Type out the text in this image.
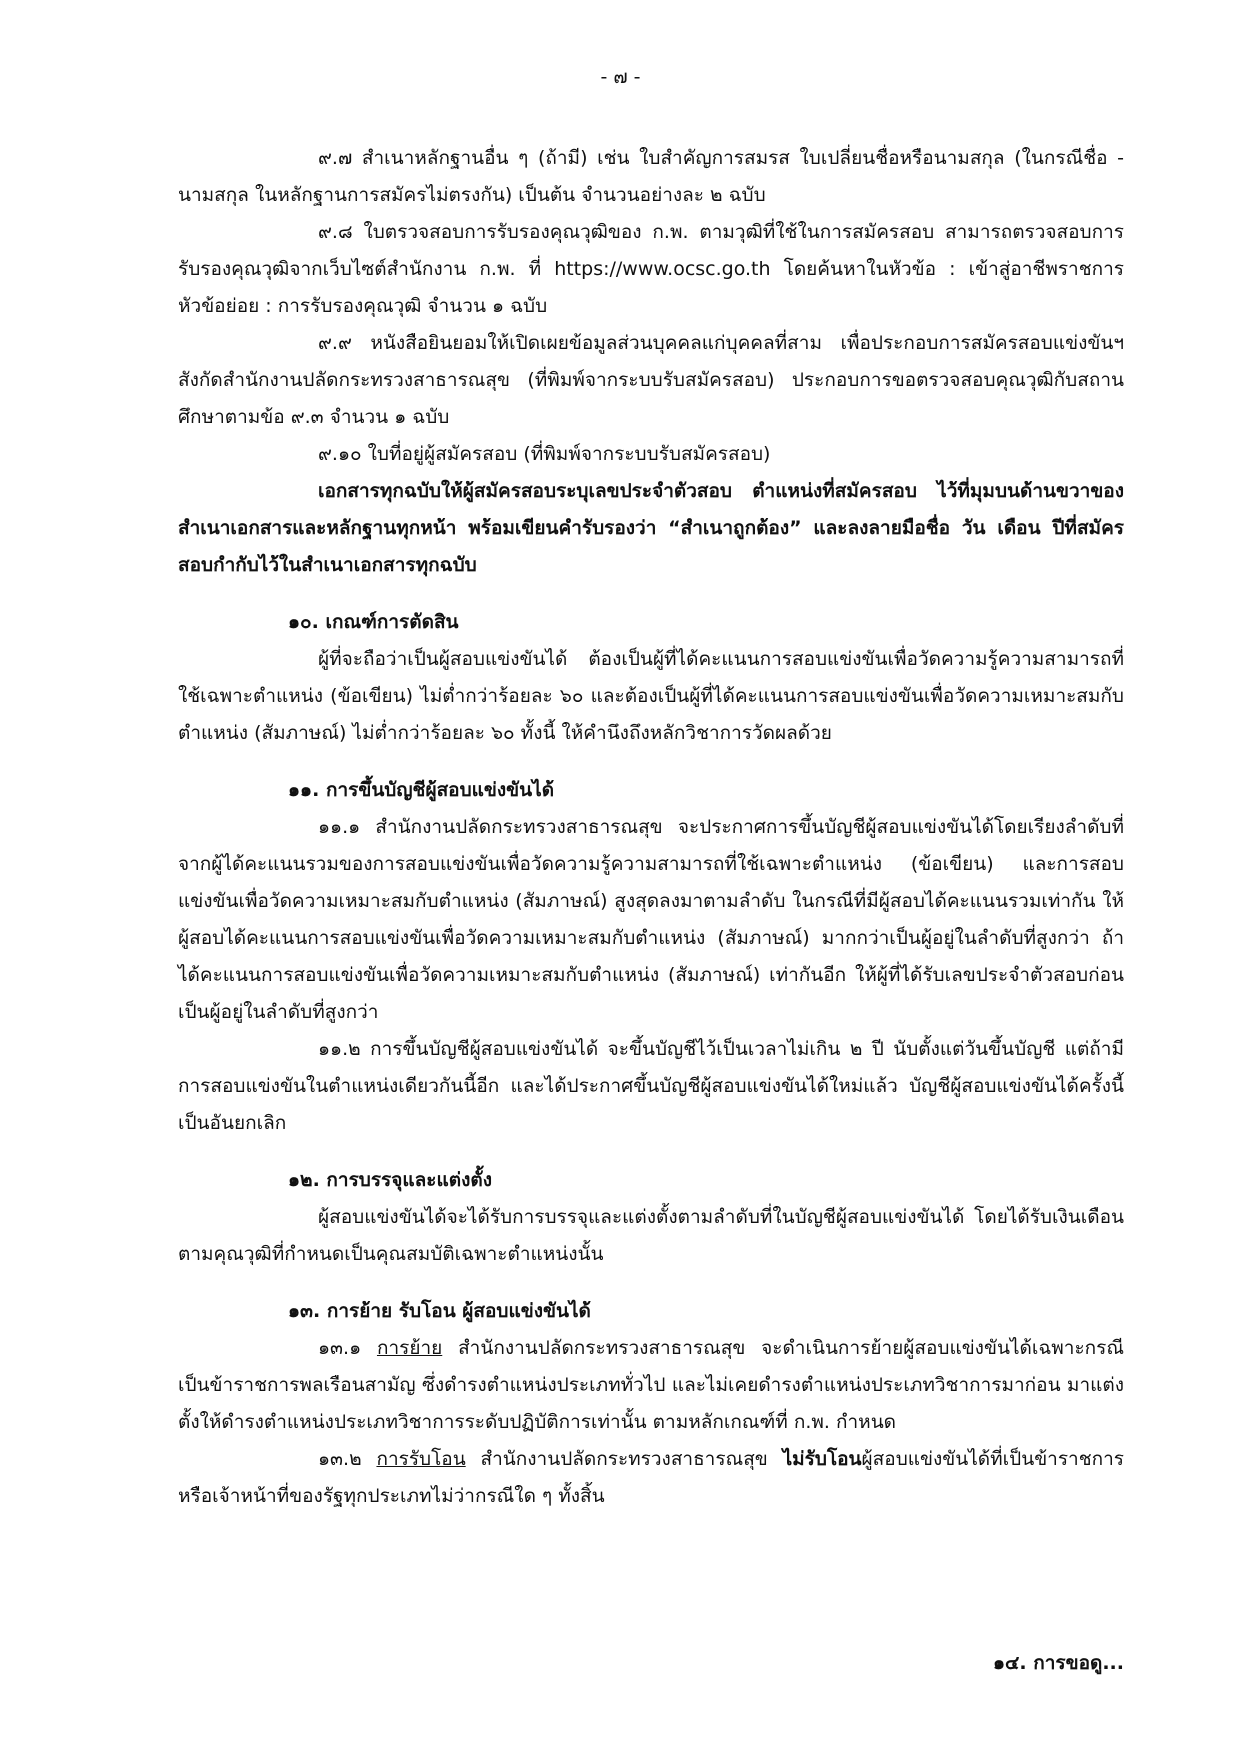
- ๗ -

๙.๗ สำเนาหลักฐานอื่น ๆ (ถ้ามี) เช่น ใบสำคัญการสมรส ใบเปลี่ยนชื่อหรือนามสกุล (ในกรณีชื่อ - นามสกุล ในหลักฐานการสมัครไม่ตรงกัน) เป็นต้น จำนวนอย่างละ ๒ ฉบับ

๙.๘ ใบตรวจสอบการรับรองคุณวุฒิของ ก.พ. ตามวุฒิที่ใช้ในการสมัครสอบ สามารถตรวจสอบการรับรองคุณวุฒิจากเว็บไซต์สำนักงาน ก.พ. ที่ https://www.ocsc.go.th โดยค้นหาในหัวข้อ : เข้าสู่อาชีพราชการ หัวข้อย่อย : การรับรองคุณวุฒิ จำนวน ๑ ฉบับ

๙.๙ หนังสือยินยอมให้เปิดเผยข้อมูลส่วนบุคคลแก่บุคคลที่สาม เพื่อประกอบการสมัครสอบแข่งขันฯ สังกัดสำนักงานปลัดกระทรวงสาธารณสุข (ที่พิมพ์จากระบบรับสมัครสอบ) ประกอบการขอตรวจสอบคุณวุฒิกับสถานศึกษาตามข้อ ๙.๓ จำนวน ๑ ฉบับ

๙.๑๐ ใบที่อยู่ผู้สมัครสอบ (ที่พิมพ์จากระบบรับสมัครสอบ)

เอกสารทุกฉบับให้ผู้สมัครสอบระบุเลขประจำตัวสอบ ตำแหน่งที่สมัครสอบ ไว้ที่มุมบนด้านขวาของสำเนาเอกสารและหลักฐานทุกหน้า พร้อมเขียนคำรับรองว่า “สำเนาถูกต้อง” และลงลายมือชื่อ วัน เดือน ปีที่สมัครสอบกำกับไว้ในสำเนาเอกสารทุกฉบับ

๑๐. เกณฑ์การตัดสิน

ผู้ที่จะถือว่าเป็นผู้สอบแข่งขันได้ ต้องเป็นผู้ที่ได้คะแนนการสอบแข่งขันเพื่อวัดความรู้ความสามารถที่ใช้เฉพาะตำแหน่ง (ข้อเขียน) ไม่ต่ำกว่าร้อยละ ๖๐ และต้องเป็นผู้ที่ได้คะแนนการสอบแข่งขันเพื่อวัดความเหมาะสมกับตำแหน่ง (สัมภาษณ์) ไม่ต่ำกว่าร้อยละ ๖๐ ทั้งนี้ ให้คำนึงถึงหลักวิชาการวัดผลด้วย

๑๑. การขึ้นบัญชีผู้สอบแข่งขันได้

๑๑.๑ สำนักงานปลัดกระทรวงสาธารณสุข จะประกาศการขึ้นบัญชีผู้สอบแข่งขันได้โดยเรียงลำดับที่จากผู้ได้คะแนนรวมของการสอบแข่งขันเพื่อวัดความรู้ความสามารถที่ใช้เฉพาะตำแหน่ง (ข้อเขียน) และการสอบแข่งขันเพื่อวัดความเหมาะสมกับตำแหน่ง (สัมภาษณ์) สูงสุดลงมาตามลำดับ ในกรณีที่มีผู้สอบได้คะแนนรวมเท่ากัน ให้ผู้สอบได้คะแนนการสอบแข่งขันเพื่อวัดความเหมาะสมกับตำแหน่ง (สัมภาษณ์) มากกว่าเป็นผู้อยู่ในลำดับที่สูงกว่า ถ้าได้คะแนนการสอบแข่งขันเพื่อวัดความเหมาะสมกับตำแหน่ง (สัมภาษณ์) เท่ากันอีก ให้ผู้ที่ได้รับเลขประจำตัวสอบก่อนเป็นผู้อยู่ในลำดับที่สูงกว่า

๑๑.๒ การขึ้นบัญชีผู้สอบแข่งขันได้ จะขึ้นบัญชีไว้เป็นเวลาไม่เกิน ๒ ปี นับตั้งแต่วันขึ้นบัญชี แต่ถ้ามีการสอบแข่งขันในตำแหน่งเดียวกันนี้อีก และได้ประกาศขึ้นบัญชีผู้สอบแข่งขันได้ใหม่แล้ว บัญชีผู้สอบแข่งขันได้ครั้งนี้เป็นอันยกเลิก

๑๒. การบรรจุและแต่งตั้ง

ผู้สอบแข่งขันได้จะได้รับการบรรจุและแต่งตั้งตามลำดับที่ในบัญชีผู้สอบแข่งขันได้ โดยได้รับเงินเดือนตามคุณวุฒิที่กำหนดเป็นคุณสมบัติเฉพาะตำแหน่งนั้น

๑๓. การย้าย รับโอน ผู้สอบแข่งขันได้

๑๓.๑ การย้าย สำนักงานปลัดกระทรวงสาธารณสุข จะดำเนินการย้ายผู้สอบแข่งขันได้เฉพาะกรณีเป็นข้าราชการพลเรือนสามัญ ซึ่งดำรงตำแหน่งประเภททั่วไป และไม่เคยดำรงตำแหน่งประเภทวิชาการมาก่อน มาแต่งตั้งให้ดำรงตำแหน่งประเภทวิชาการระดับปฏิบัติการเท่านั้น ตามหลักเกณฑ์ที่ ก.พ. กำหนด

๑๓.๒ การรับโอน สำนักงานปลัดกระทรวงสาธารณสุข ไม่รับโอนผู้สอบแข่งขันได้ที่เป็นข้าราชการหรือเจ้าหน้าที่ของรัฐทุกประเภทไม่ว่ากรณีใด ๆ ทั้งสิ้น

๑๔. การขอดู...
